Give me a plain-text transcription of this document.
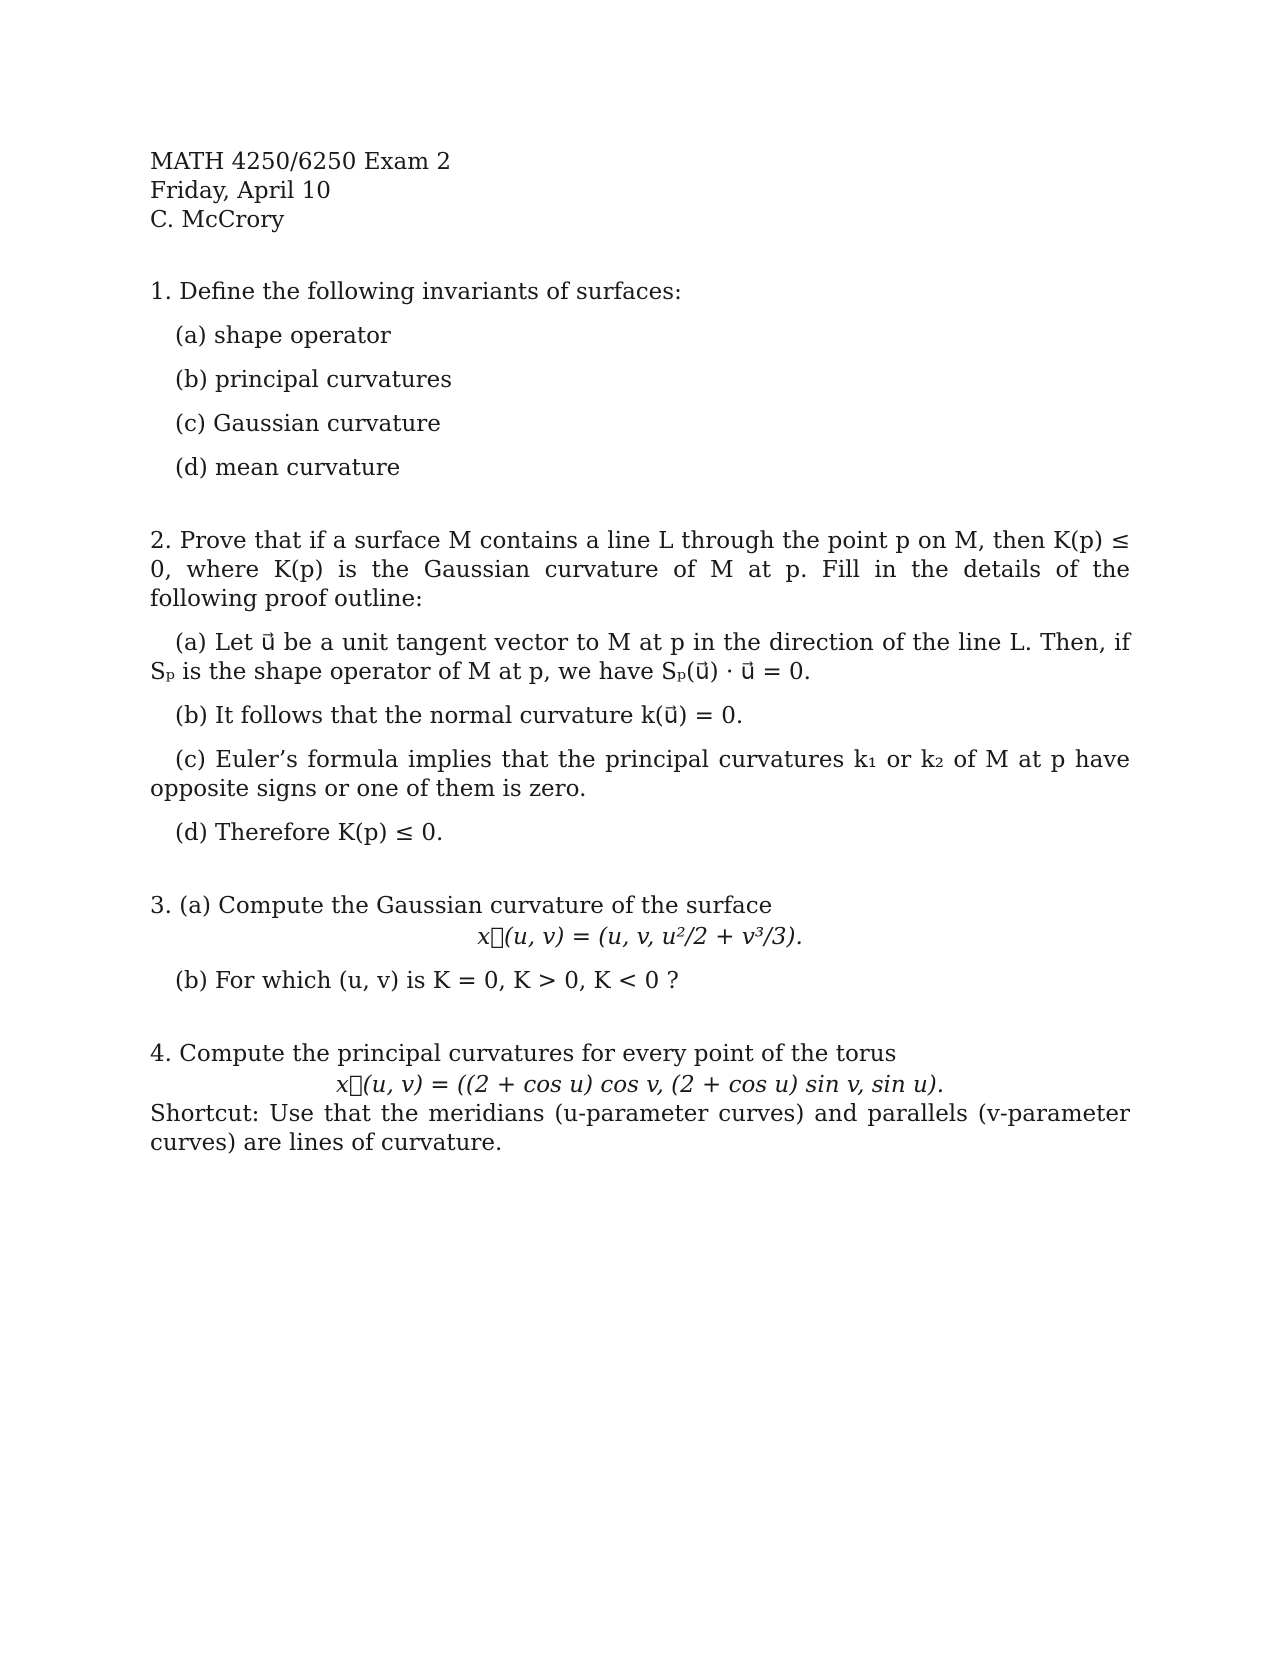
MATH 4250/6250 Exam 2
Friday, April 10
C. McCrory
1. Define the following invariants of surfaces:
(a) shape operator
(b) principal curvatures
(c) Gaussian curvature
(d) mean curvature
2. Prove that if a surface M contains a line L through the point p on M, then K(p) ≤ 0, where K(p) is the Gaussian curvature of M at p. Fill in the details of the following proof outline:
(a) Let u⃗ be a unit tangent vector to M at p in the direction of the line L. Then, if Sₚ is the shape operator of M at p, we have Sₚ(u⃗) · u⃗ = 0.
(b) It follows that the normal curvature k(u⃗) = 0.
(c) Euler’s formula implies that the principal curvatures k₁ or k₂ of M at p have opposite signs or one of them is zero.
(d) Therefore K(p) ≤ 0.
3. (a) Compute the Gaussian curvature of the surface
x⃗(u, v) = (u, v, u²/2 + v³/3).
(b) For which (u, v) is K = 0, K > 0, K < 0 ?
4. Compute the principal curvatures for every point of the torus
x⃗(u, v) = ((2 + cos u) cos v, (2 + cos u) sin v, sin u).
Shortcut: Use that the meridians (u-parameter curves) and parallels (v-parameter curves) are lines of curvature.
